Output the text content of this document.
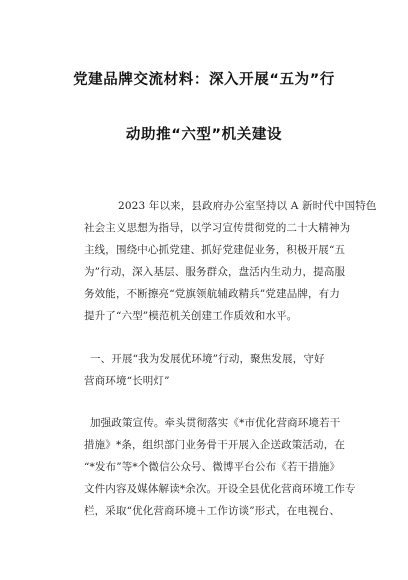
党建品牌交流材料：深入开展“五为”行
动助推“六型”机关建设
2023 年以来，县政府办公室坚持以 A 新时代中国特色
社会主义思想为指导，以学习宣传贯彻党的二十大精神为
主线，围绕中心抓党建、抓好党建促业务，积极开展“五
为”行动，深入基层、服务群众，盘活内生动力，提高服
务效能，不断擦亮“党旗领航辅政精兵”党建品牌，有力
提升了“六型”模范机关创建工作质效和水平。
一、开展“我为发展优环境”行动，聚焦发展，守好
营商环境“长明灯”
加强政策宣传。牵头贯彻落实《*市优化营商环境若干
措施》*条，组织部门业务骨干开展入企送政策活动，在
“*发布”等*个微信公众号、微博平台公布《若干措施》
文件内容及媒体解读*余次。开设全县优化营商环境工作专
栏，采取“优化营商环境＋工作访谈”形式，在电视台、
